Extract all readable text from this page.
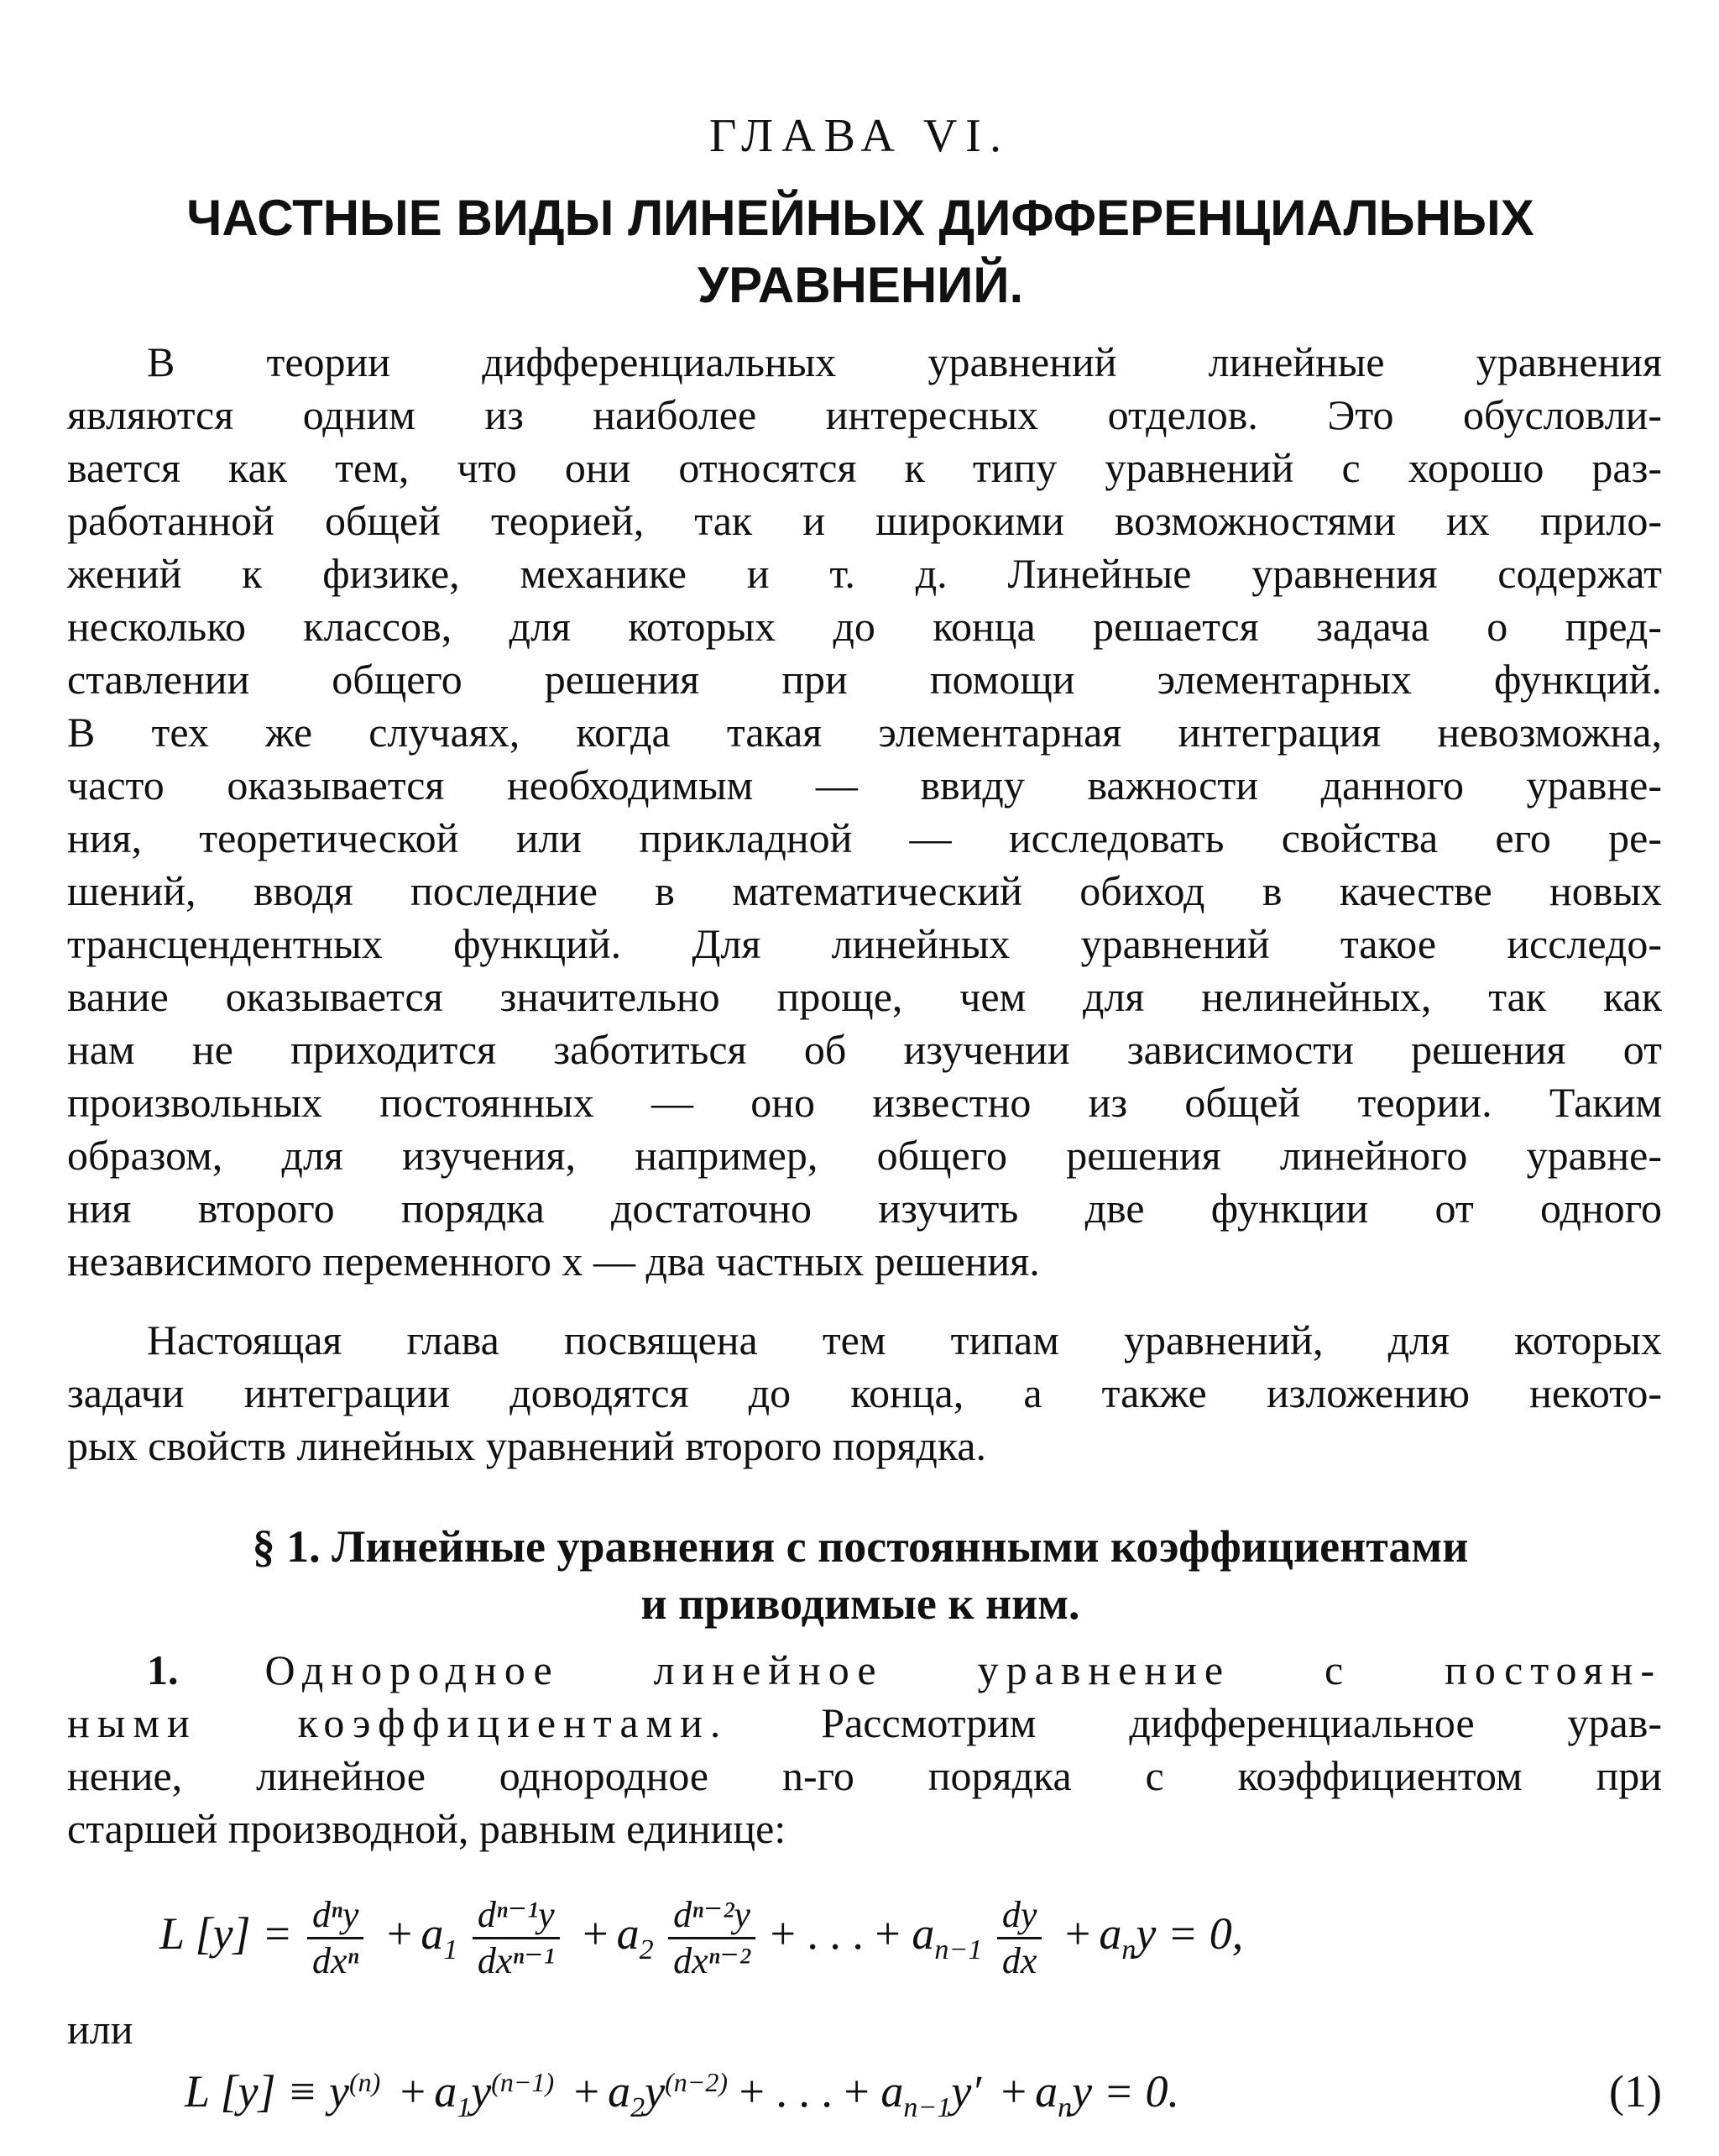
ГЛАВА VI.
ЧАСТНЫЕ ВИДЫ ЛИНЕЙНЫХ ДИФФЕРЕНЦИАЛЬНЫХ
УРАВНЕНИЙ.
В теории дифференциальных уравнений линейные уравнения
являются одним из наиболее интересных отделов. Это обусловли-
вается как тем, что они относятся к типу уравнений с хорошо раз-
работанной общей теорией, так и широкими возможностями их прило-
жений к физике, механике и т. д. Линейные уравнения содержат
несколько классов, для которых до конца решается задача о пред-
ставлении общего решения при помощи элементарных функций.
В тех же случаях, когда такая элементарная интеграция невозможна,
часто оказывается необходимым — ввиду важности данного уравне-
ния, теоретической или прикладной — исследовать свойства его ре-
шений, вводя последние в математический обиход в качестве новых
трансцендентных функций. Для линейных уравнений такое исследо-
вание оказывается значительно проще, чем для нелинейных, так как
нам не приходится заботиться об изучении зависимости решения от
произвольных постоянных — оно известно из общей теории. Таким
образом, для изучения, например, общего решения линейного уравне-
ния второго порядка достаточно изучить две функции от одного
независимого переменного x — два частных решения.
Настоящая глава посвящена тем типам уравнений, для которых
задачи интеграции доводятся до конца, а также изложению некото-
рых свойств линейных уравнений второго порядка.
§ 1. Линейные уравнения с постоянными коэффициентами
и приводимые к ним.
1. Однородное линейное уравнение с постоян-
ными коэффициентами. Рассмотрим дифференциальное урав-
нение, линейное однородное n-го порядка с коэффициентом при
старшей производной, равным единице:
L $[y] = \frac{\text{dⁿy}}{\text{dxⁿ}} + a_1 \frac{\text{dⁿ⁻¹y}}{\text{dxⁿ⁻¹}} + a_2 \frac{\text{dⁿ⁻²y}}{\text{dxⁿ⁻²}}$ + . . . + $a_{n-1} \frac{dy}{dx} + a_ny = 0$,
или
L $[y] \equiv y^{(n)} + a_1y^{(n-1)} + a_2y^{(n-2)}$ + . . . + $a_{n-1}y' + a_ny = 0$.	(1)
